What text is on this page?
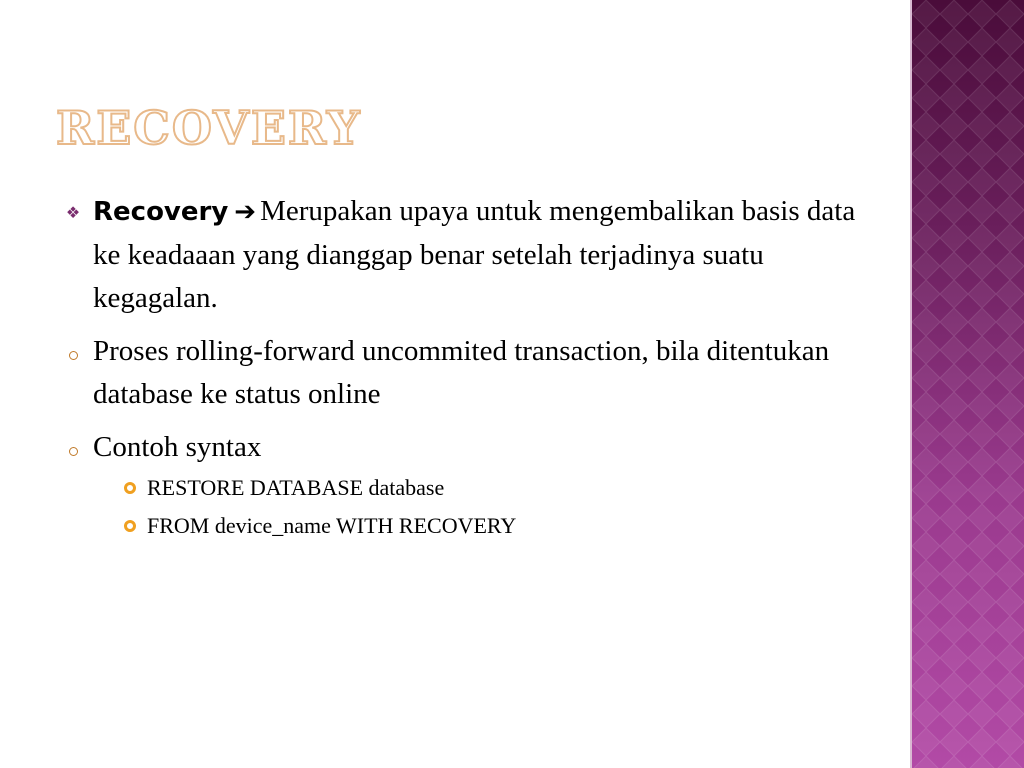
RECOVERY
❖ Recovery ➔ Merupakan upaya untuk mengembalikan basis data ke keadaaan yang dianggap benar setelah terjadinya suatu kegagalan.
Proses rolling-forward uncommited transaction, bila ditentukan database ke status online
Contoh syntax
RESTORE DATABASE database
FROM device_name WITH RECOVERY
